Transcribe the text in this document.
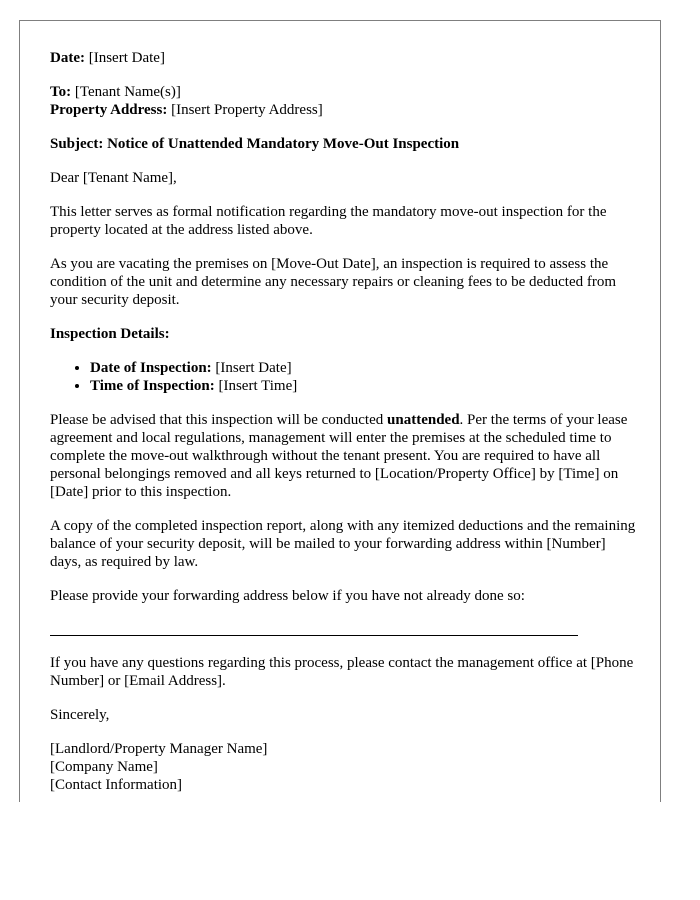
Date: [Insert Date]

To: [Tenant Name(s)]

Property Address: [Insert Property Address]

Subject: Notice of Unattended Mandatory Move-Out Inspection

Dear [Tenant Name],

This letter serves as formal notification regarding the mandatory move-out inspection for the property located at the address listed above.

As you are vacating the premises on [Move-Out Date], an inspection is required to assess the condition of the unit and determine any necessary repairs or cleaning fees to be deducted from your security deposit.

Inspection Details:

• Date of Inspection: [Insert Date]
• Time of Inspection: [Insert Time]

Please be advised that this inspection will be conducted unattended. Per the terms of your lease agreement and local regulations, management will enter the premises at the scheduled time to complete the move-out walkthrough without the tenant present. You are required to have all personal belongings removed and all keys returned to [Location/Property Office] by [Time] on [Date] prior to this inspection.

A copy of the completed inspection report, along with any itemized deductions and the remaining balance of your security deposit, will be mailed to your forwarding address within [Number] days, as required by law.

Please provide your forwarding address below if you have not already done so:

If you have any questions regarding this process, please contact the management office at [Phone Number] or [Email Address].

Sincerely,

[Landlord/Property Manager Name]

[Company Name]

[Contact Information]
